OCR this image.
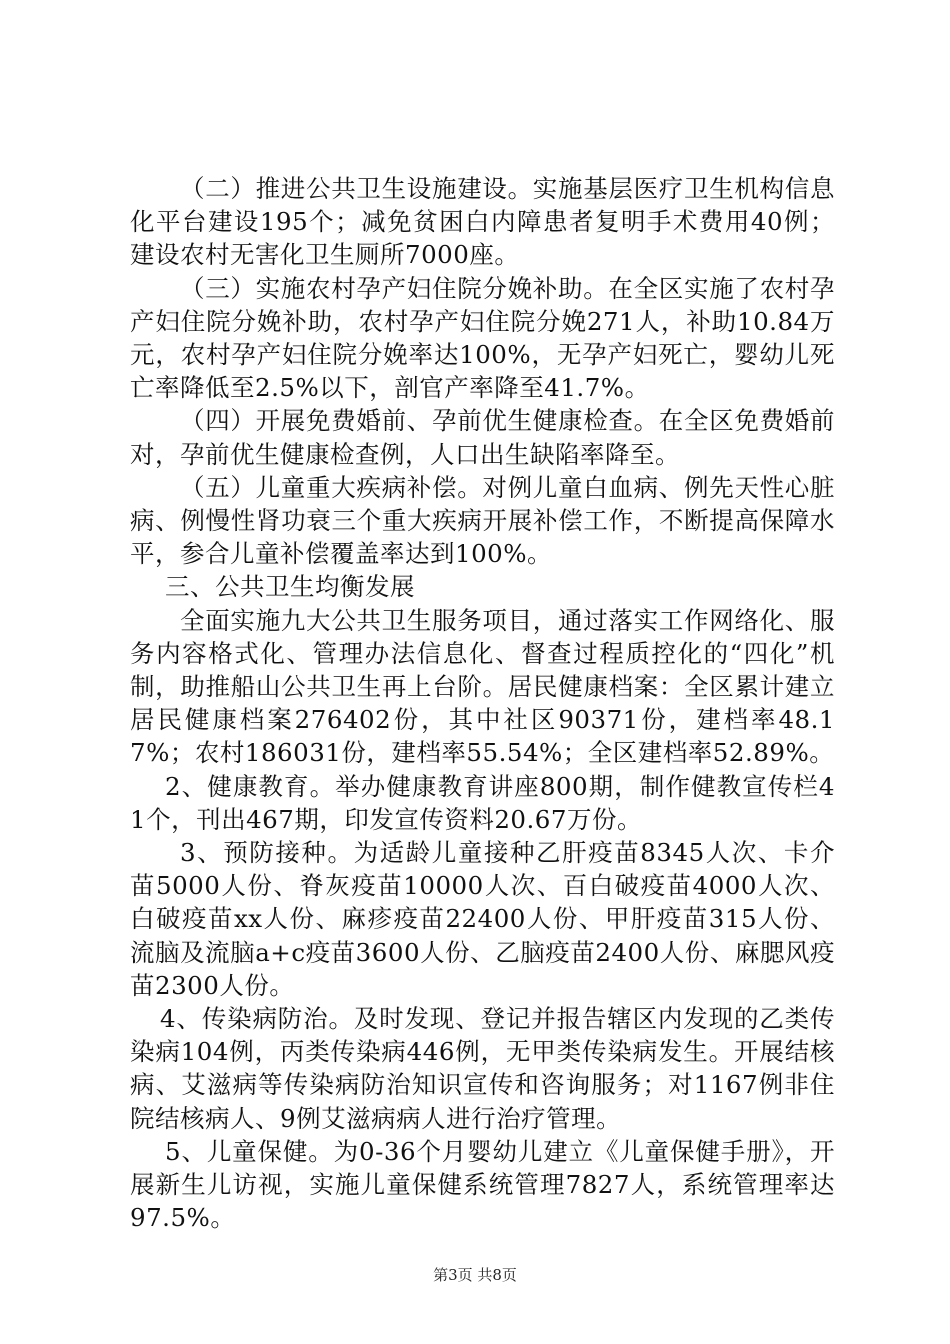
（二）推进公共卫生设施建设。实施基层医疗卫生机构信息化平台建设195个；减免贫困白内障患者复明手术费用40例；建设农村无害化卫生厕所7000座。

（三）实施农村孕产妇住院分娩补助。在全区实施了农村孕产妇住院分娩补助，农村孕产妇住院分娩271人，补助10.84万元，农村孕产妇住院分娩率达100%，无孕产妇死亡，婴幼儿死亡率降低至2.5%以下，剖官产率降至41.7%。

（四）开展免费婚前、孕前优生健康检查。在全区免费婚前对，孕前优生健康检查例，人口出生缺陷率降至。

（五）儿童重大疾病补偿。对例儿童白血病、例先天性心脏病、例慢性肾功衰三个重大疾病开展补偿工作，不断提高保障水平，参合儿童补偿覆盖率达到100%。

三、公共卫生均衡发展

全面实施九大公共卫生服务项目，通过落实工作网络化、服务内容格式化、管理办法信息化、督查过程质控化的“四化”机制，助推船山公共卫生再上台阶。居民健康档案：全区累计建立居民健康档案276402份，其中社区90371份，建档率48.17%；农村186031份，建档率55.54%；全区建档率52.89%。

2、健康教育。举办健康教育讲座800期，制作健教宣传栏41个，刊出467期，印发宣传资料20.67万份。

3、预防接种。为适龄儿童接种乙肝疫苗8345人次、卡介苗5000人份、脊灰疫苗10000人次、百白破疫苗4000人次、白破疫苗xx人份、麻疹疫苗22400人份、甲肝疫苗315人份、流脑及流脑a+c疫苗3600人份、乙脑疫苗2400人份、麻腮风疫苗2300人份。

4、传染病防治。及时发现、登记并报告辖区内发现的乙类传染病104例，丙类传染病446例，无甲类传染病发生。开展结核病、艾滋病等传染病防治知识宣传和咨询服务；对1167例非住院结核病人、9例艾滋病病人进行治疗管理。

5、儿童保健。为0-36个月婴幼儿建立《儿童保健手册》，开展新生儿访视，实施儿童保健系统管理7827人，系统管理率达97.5%。

第3页 共8页
